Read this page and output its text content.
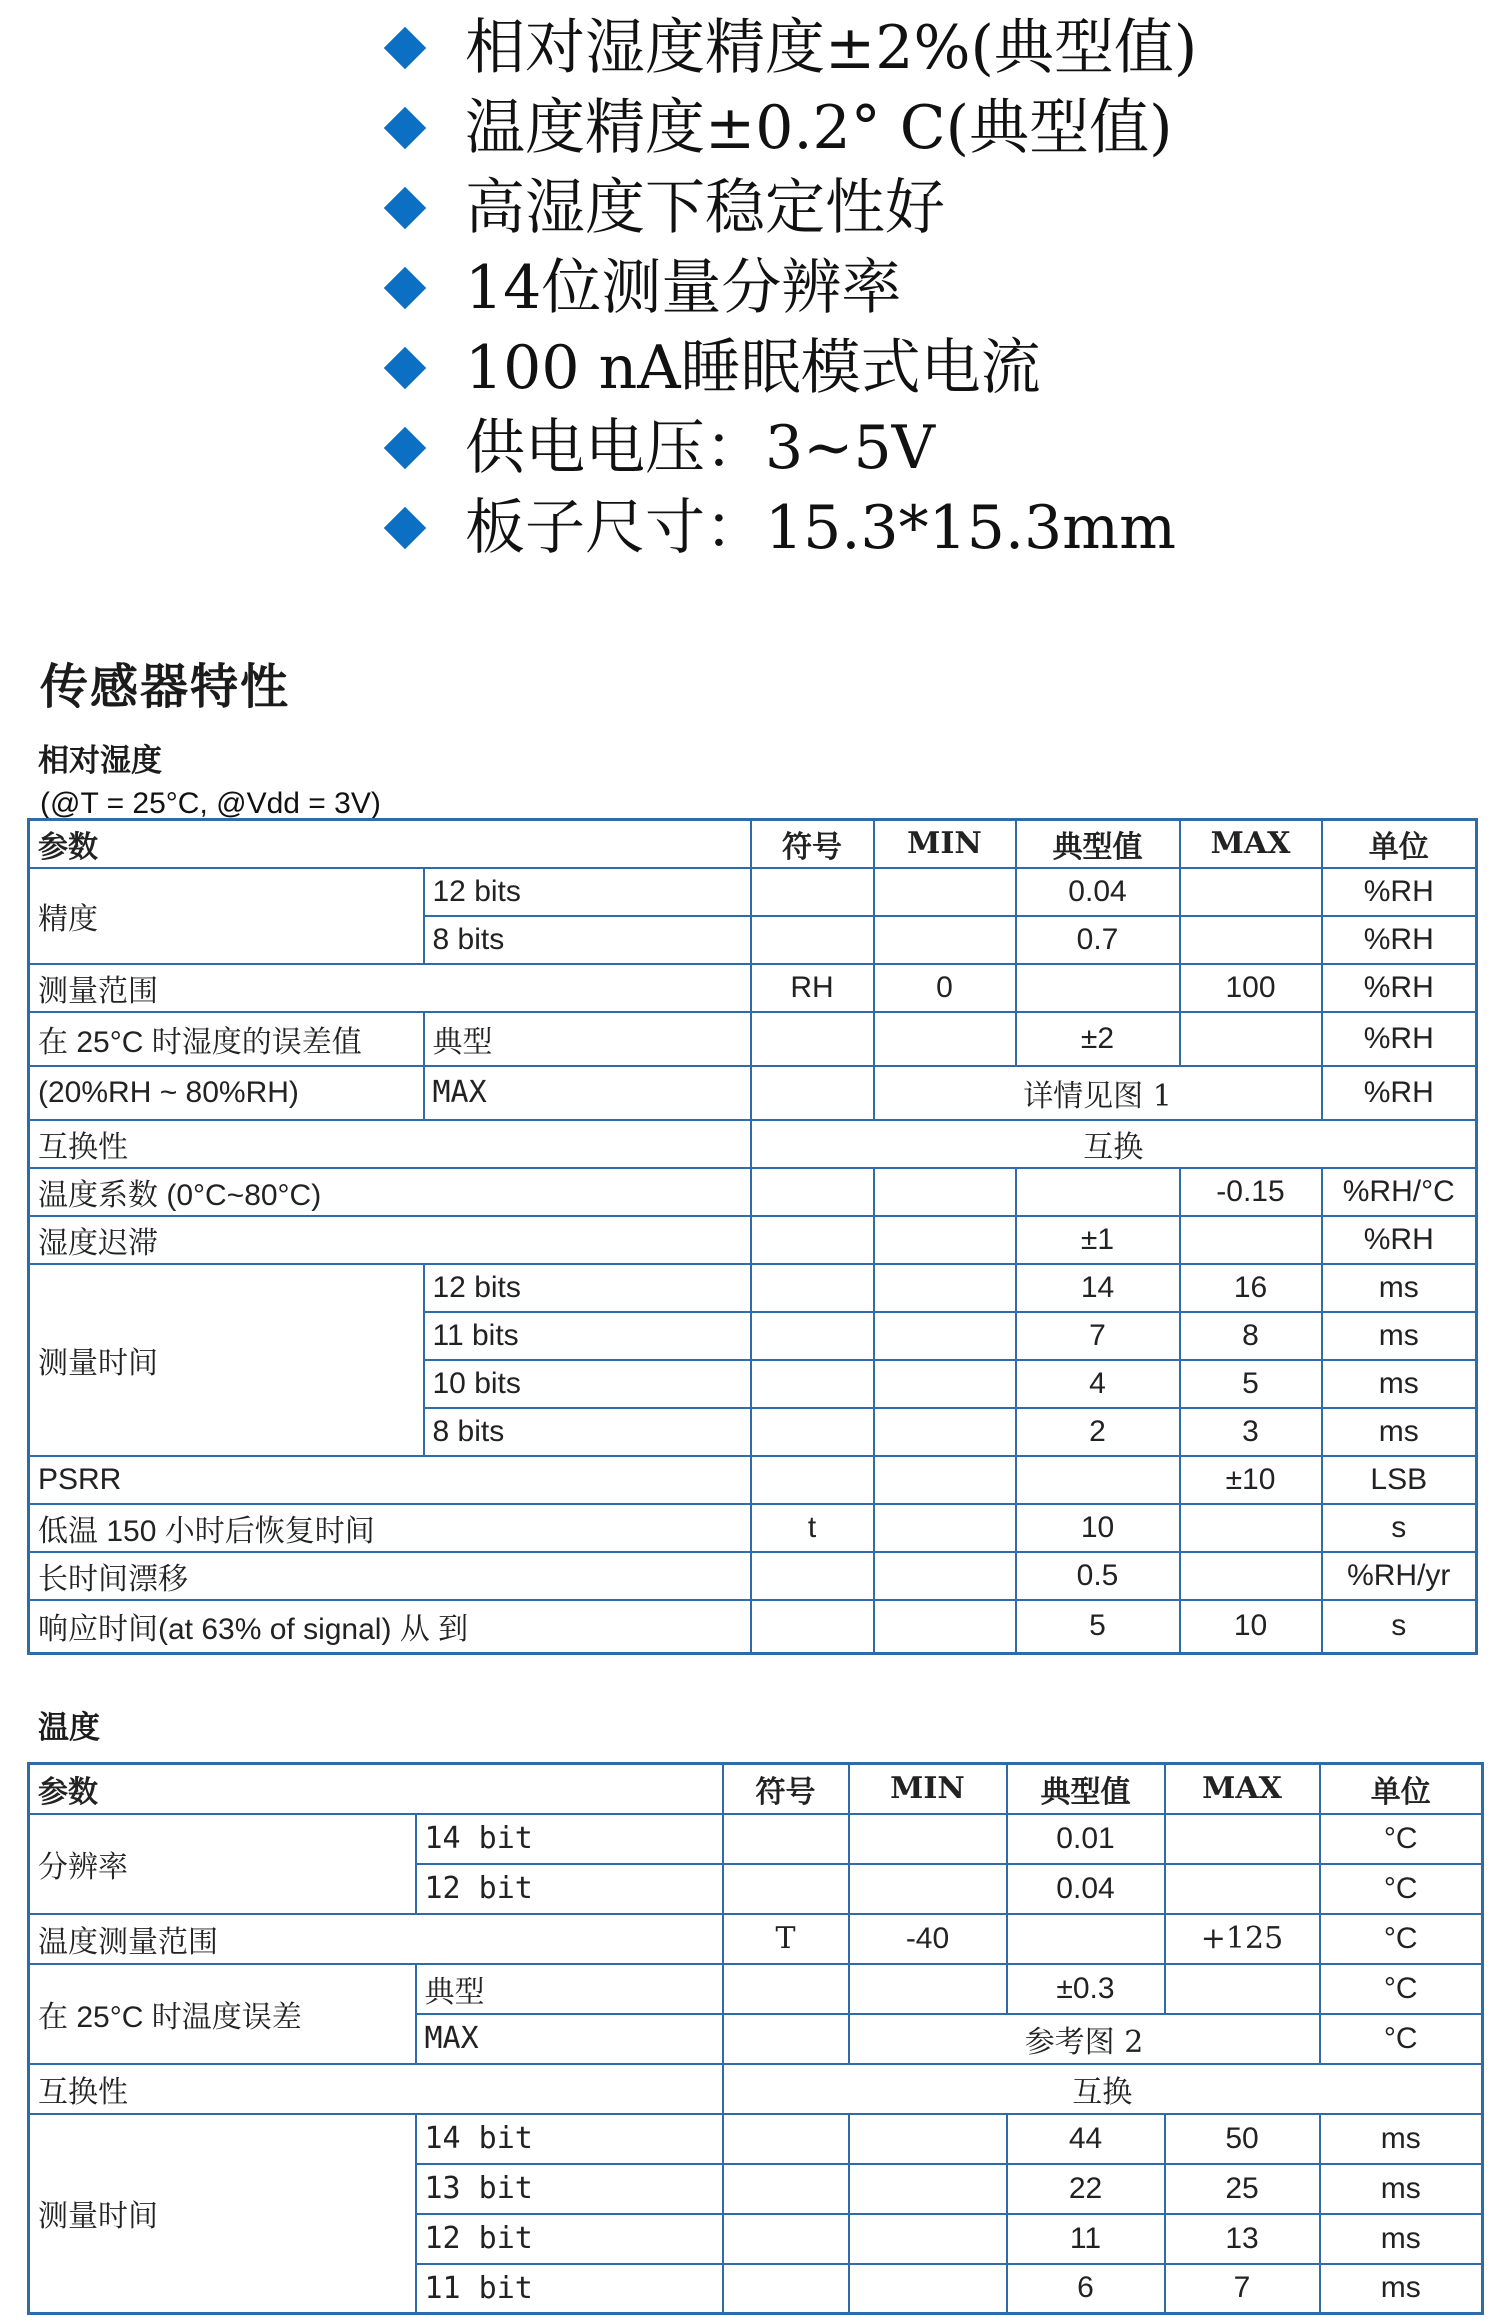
相对湿度精度±2%(典型值)
温度精度±0.2° C(典型值)
高湿度下稳定性好
14位测量分辨率
100 nA睡眠模式电流
供电电压：3~5V
板子尺寸：15.3*15.3mm
传感器特性
相对湿度
(@T = 25°C, @Vdd = 3V)
参数		符号	MIN	典型值	MAX	单位
精度	12 bits			0.04		%RH
	8 bits			0.7		%RH
测量范围		RH	0		100	%RH
在 25°C 时湿度的误差值	典型			±2		%RH
(20%RH ~ 80%RH)	MAX		详情见图 1			%RH
互换性		互换				
温度系数 (0°C~80°C)					-0.15	%RH/°C
湿度迟滞				±1		%RH
测量时间	12 bits			14	16	ms
	11 bits			7	8	ms
	10 bits			4	5	ms
	8 bits			2	3	ms
PSRR					±10	LSB
低温 150 小时后恢复时间		t		10		s
长时间漂移				0.5		%RH/yr
响应时间(at 63% of signal) 从 到				5	10	s
温度
参数		符号	MIN	典型值	MAX	单位
分辨率	14 bit			0.01		°C
	12 bit			0.04		°C
温度测量范围		T	-40		+125	°C
在 25°C 时温度误差	典型			±0.3		°C
	MAX		参考图 2			°C
互换性		互换				
测量时间	14 bit			44	50	ms
	13 bit			22	25	ms
	12 bit			11	13	ms
	11 bit			6	7	ms
